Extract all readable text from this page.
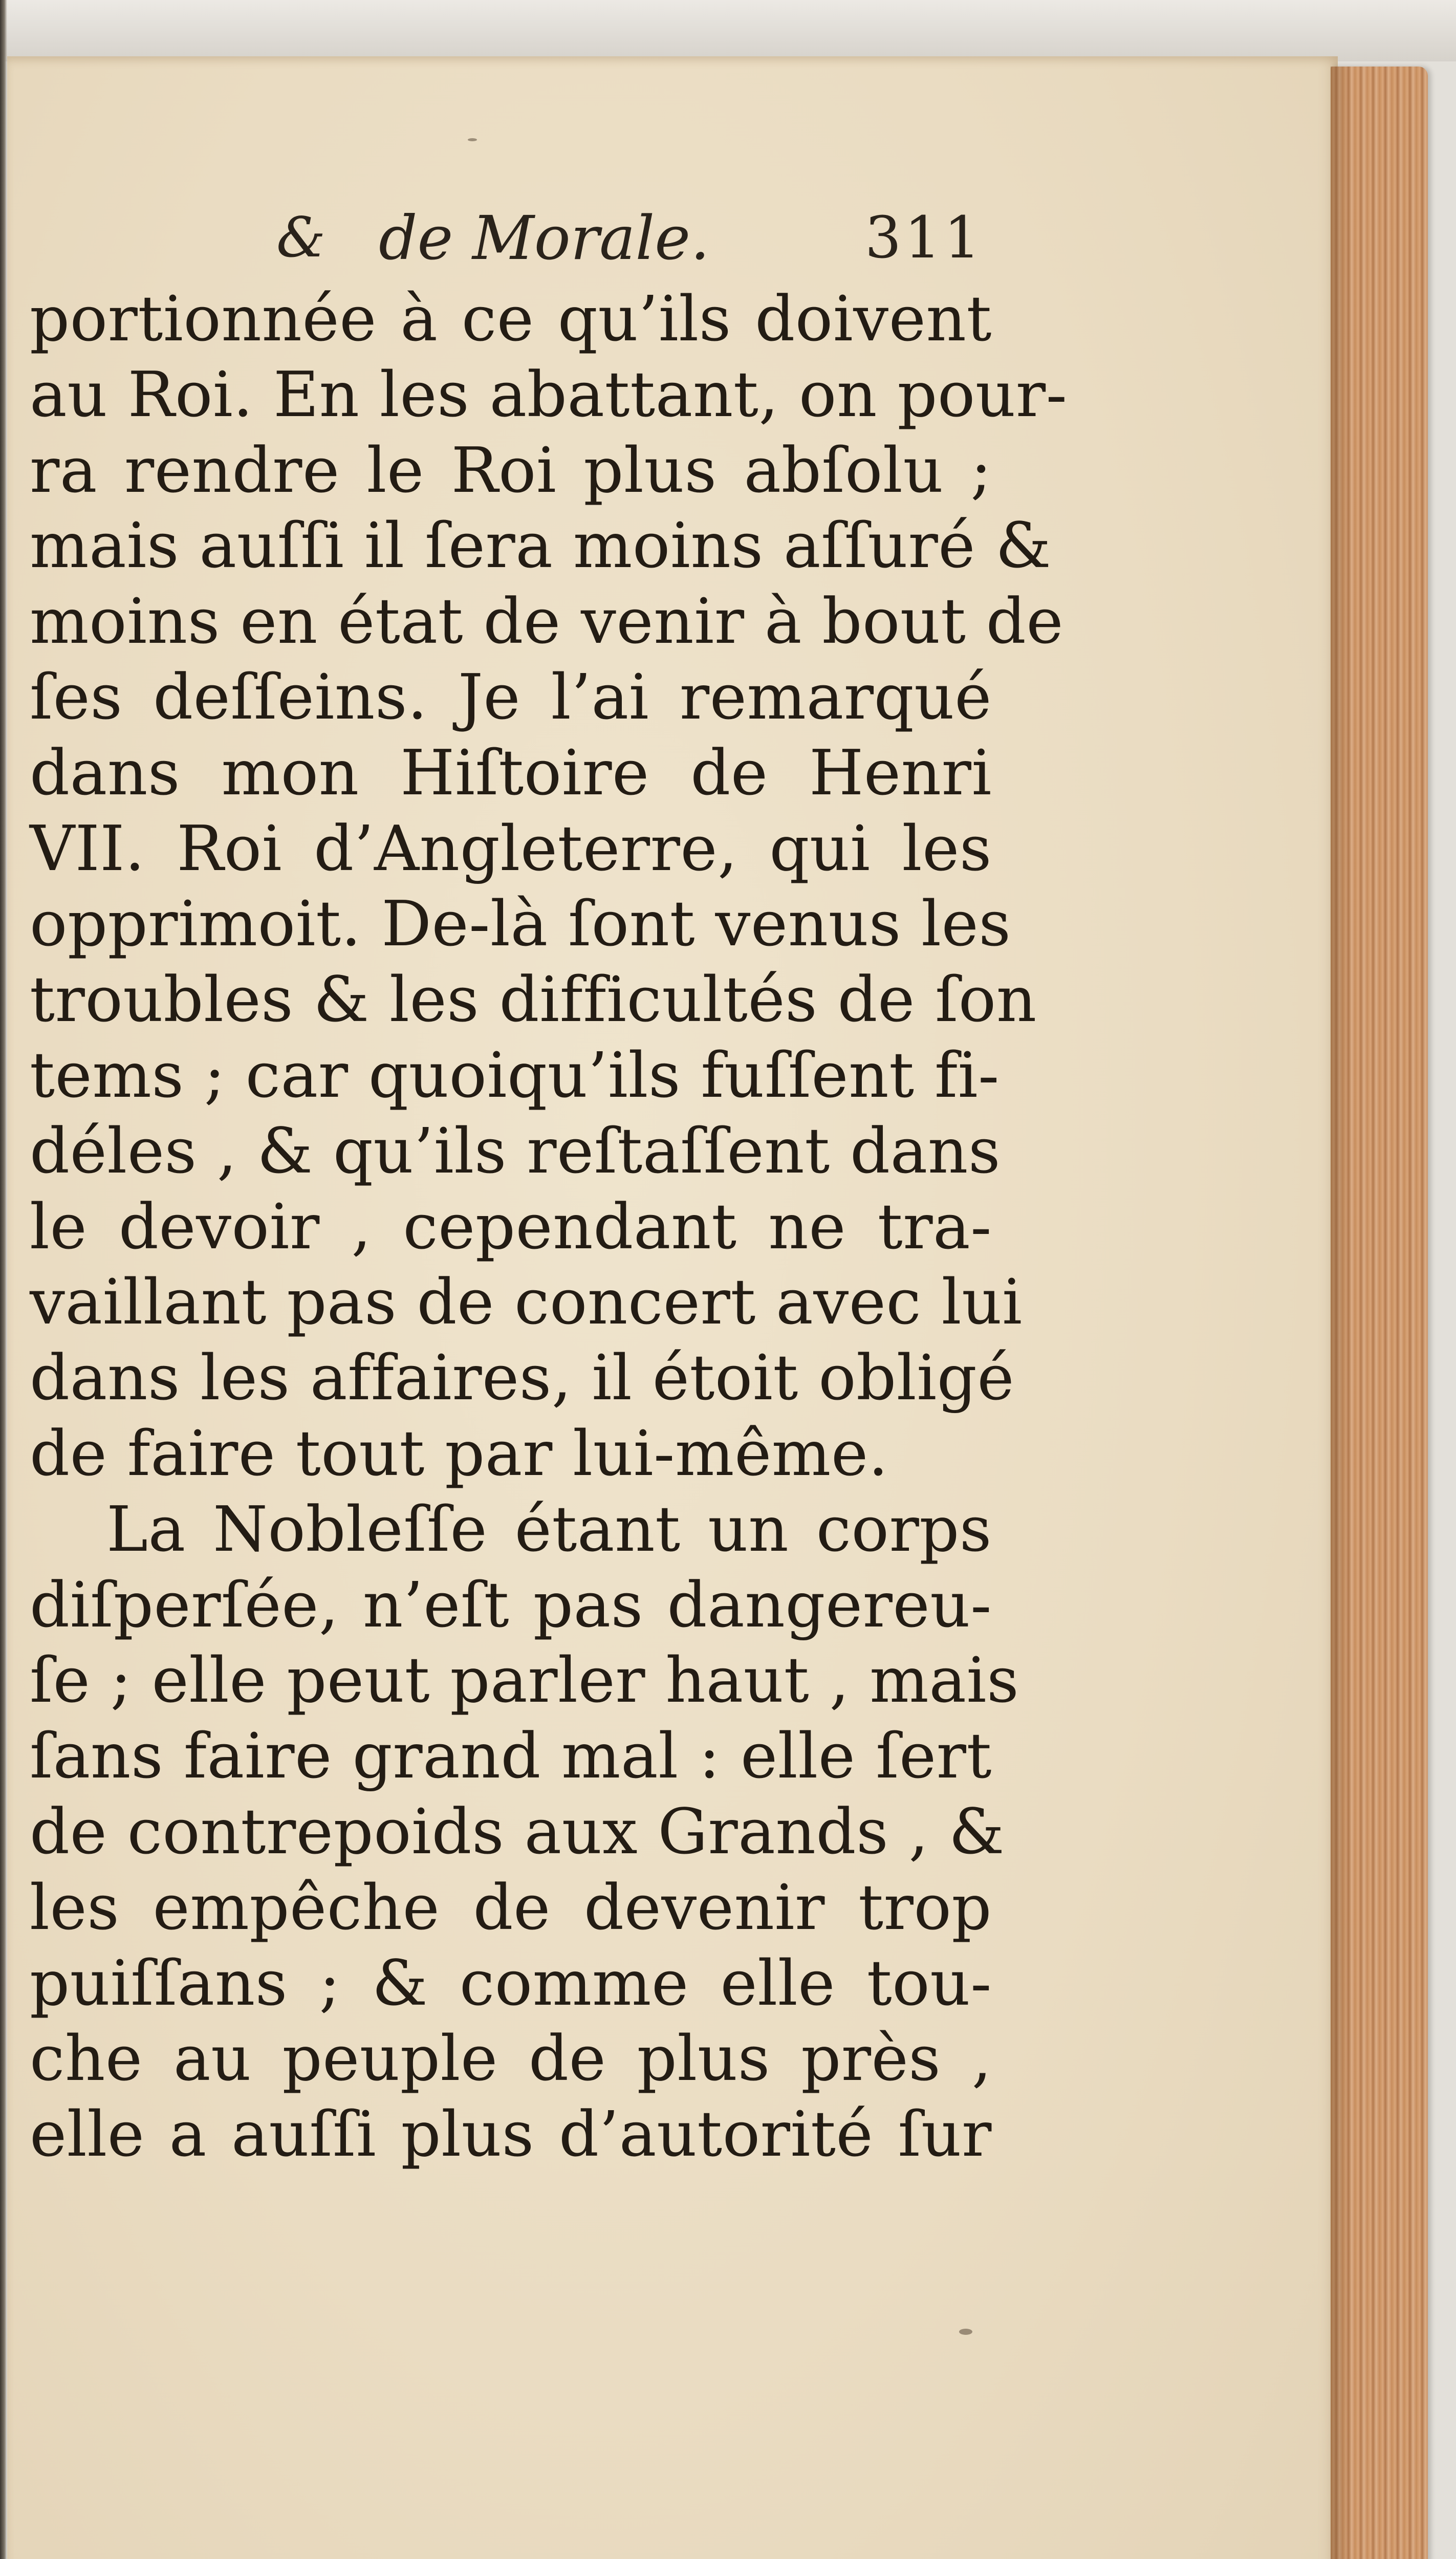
& de Morale.	311
portionnée à ce qu’ils doivent
au Roi. En les abattant, on pour-
ra rendre le Roi plus abſolu ;
mais auſſi il ſera moins aſſuré &
moins en état de venir à bout de
ſes deſſeins. Je l’ai remarqué
dans mon Hiſtoire de Henri
VII. Roi d’Angleterre, qui les
opprimoit. De-là ſont venus les
troubles & les difficultés de ſon
tems ; car quoiqu’ils fuſſent fi-
déles , & qu’ils reſtaſſent dans
le devoir , cependant ne tra-
vaillant pas de concert avec lui
dans les affaires, il étoit obligé
de faire tout par lui-même.
La Nobleſſe étant un corps
diſperſée, n’eſt pas dangereu-
ſe ; elle peut parler haut , mais
ſans faire grand mal : elle ſert
de contrepoids aux Grands , &
les empêche de devenir trop
puiſſans ; & comme elle tou-
che au peuple de plus près ,
elle a auſſi plus d’autorité ſur
